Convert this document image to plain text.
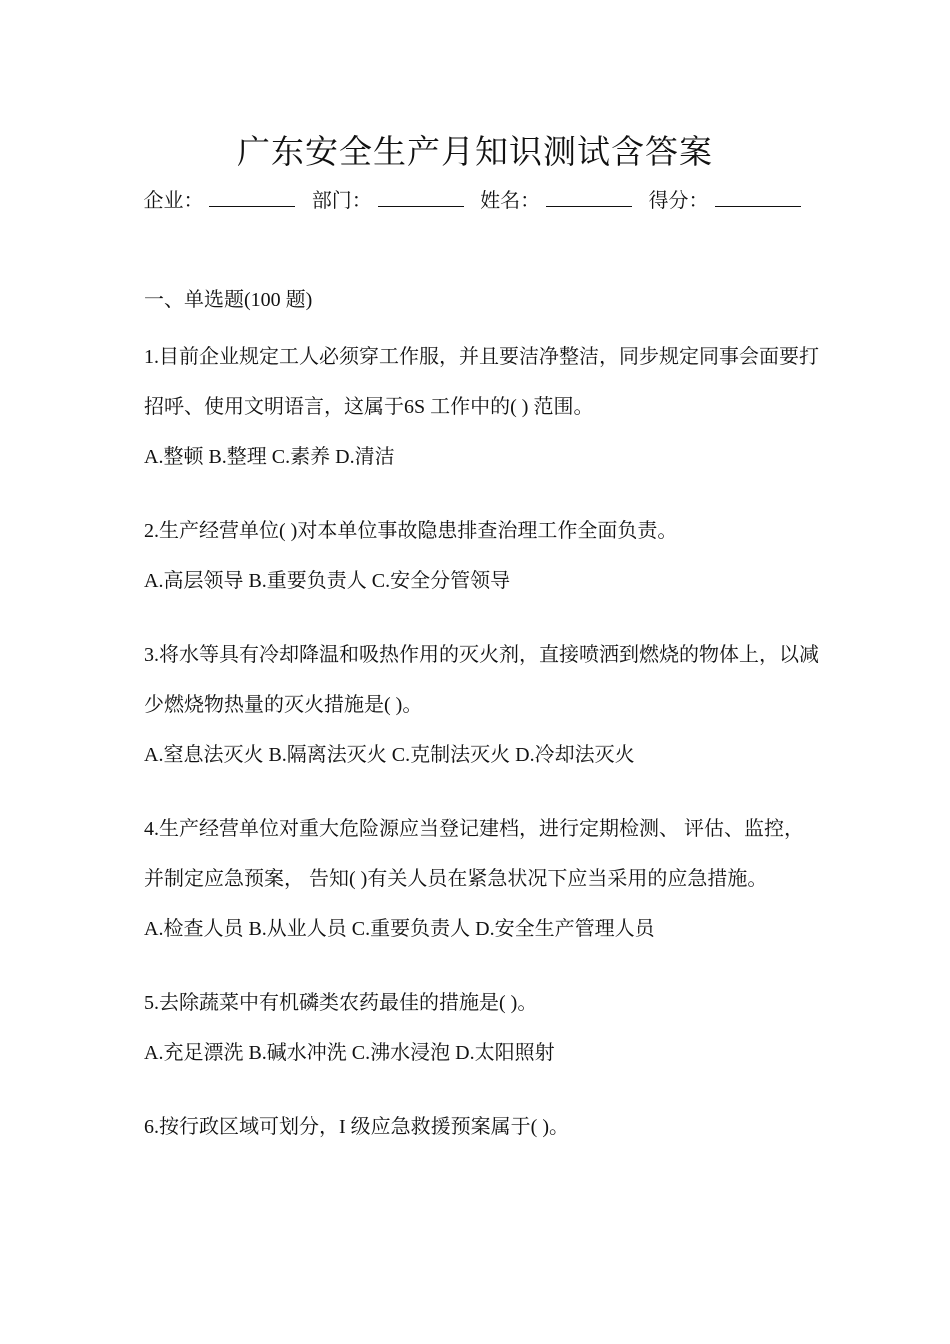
广东安全生产月知识测试含答案
企业：	部门：	姓名：	得分：
一、单选题(100 题)
1.目前企业规定工人必须穿工作服，并且要洁净整洁，同步规定同事会面要打招呼、使用文明语言，这属于6S 工作中的( ) 范围。
A.整顿 B.整理 C.素养 D.清洁
2.生产经营单位( )对本单位事故隐患排查治理工作全面负责。
A.高层领导 B.重要负责人 C.安全分管领导
3.将水等具有冷却降温和吸热作用的灭火剂，直接喷洒到燃烧的物体上，以减少燃烧物热量的灭火措施是( )。
A.窒息法灭火 B.隔离法灭火 C.克制法灭火 D.冷却法灭火
4.生产经营单位对重大危险源应当登记建档，进行定期检测、 评估、监控， 并制定应急预案， 告知( )有关人员在紧急状况下应当采用的应急措施。
A.检查人员 B.从业人员 C.重要负责人 D.安全生产管理人员
5.去除蔬菜中有机磷类农药最佳的措施是( )。
A.充足漂洗 B.碱水冲洗 C.沸水浸泡 D.太阳照射
6.按行政区域可划分，I 级应急救援预案属于( )。
